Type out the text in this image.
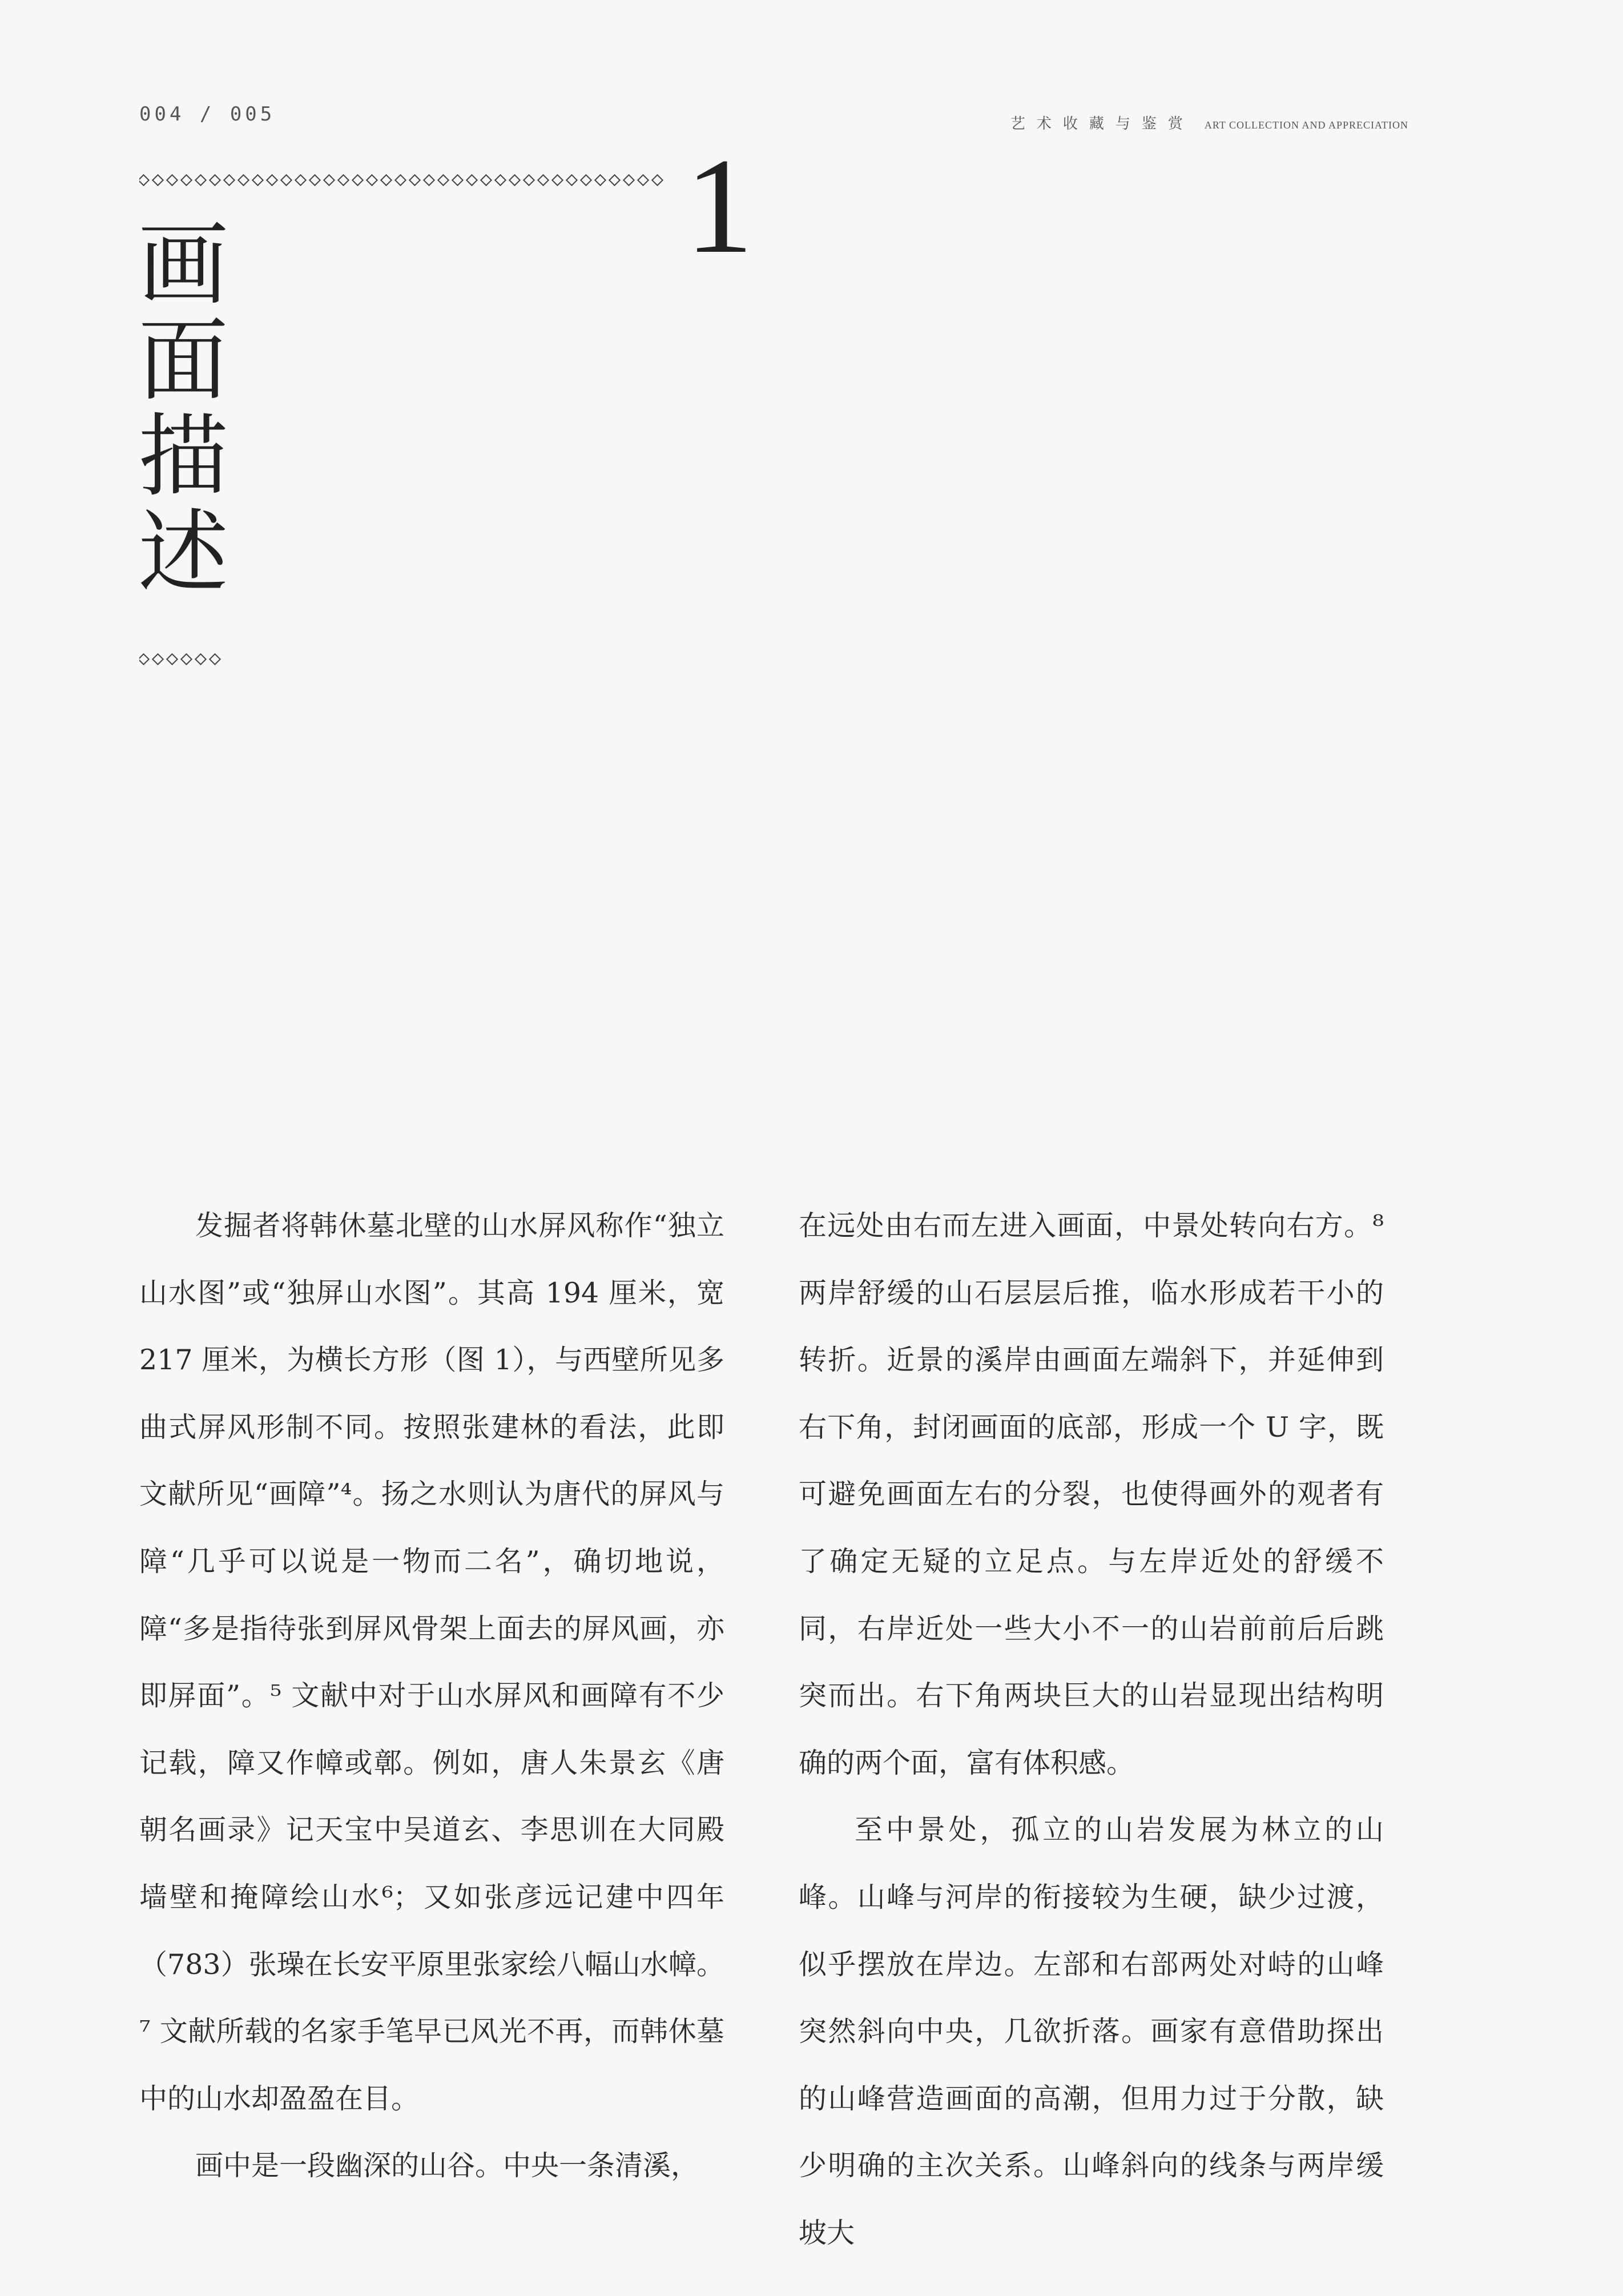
004 / 005	艺术收藏与鉴赏 ART COLLECTION AND APPRECIATION
1
画
面
描
述

发掘者将韩休墓北壁的山水屏风称作“独立山水图”或“独屏山水图”。其高 194 厘米，宽 217 厘米，为横长方形（图 1），与西壁所见多曲式屏风形制不同。按照张建林的看法，此即文献所见“画障”⁴。扬之水则认为唐代的屏风与障“几乎可以说是一物而二名”，确切地说，障“多是指待张到屏风骨架上面去的屏风画，亦即屏面”。⁵ 文献中对于山水屏风和画障有不少记载，障又作幛或鄣。例如，唐人朱景玄《唐朝名画录》记天宝中吴道玄、李思训在大同殿墙壁和掩障绘山水⁶；又如张彦远记建中四年（783）张璪在长安平原里张家绘八幅山水幛。⁷ 文献所载的名家手笔早已风光不再，而韩休墓中的山水却盈盈在目。

画中是一段幽深的山谷。中央一条清溪，

在远处由右而左进入画面，中景处转向右方。⁸ 两岸舒缓的山石层层后推，临水形成若干小的转折。近景的溪岸由画面左端斜下，并延伸到右下角，封闭画面的底部，形成一个 U 字，既可避免画面左右的分裂，也使得画外的观者有了确定无疑的立足点。与左岸近处的舒缓不同，右岸近处一些大小不一的山岩前前后后跳突而出。右下角两块巨大的山岩显现出结构明确的两个面，富有体积感。

至中景处，孤立的山岩发展为林立的山峰。山峰与河岸的衔接较为生硬，缺少过渡，似乎摆放在岸边。左部和右部两处对峙的山峰突然斜向中央，几欲折落。画家有意借助探出的山峰营造画面的高潮，但用力过于分散，缺少明确的主次关系。山峰斜向的线条与两岸缓坡大
